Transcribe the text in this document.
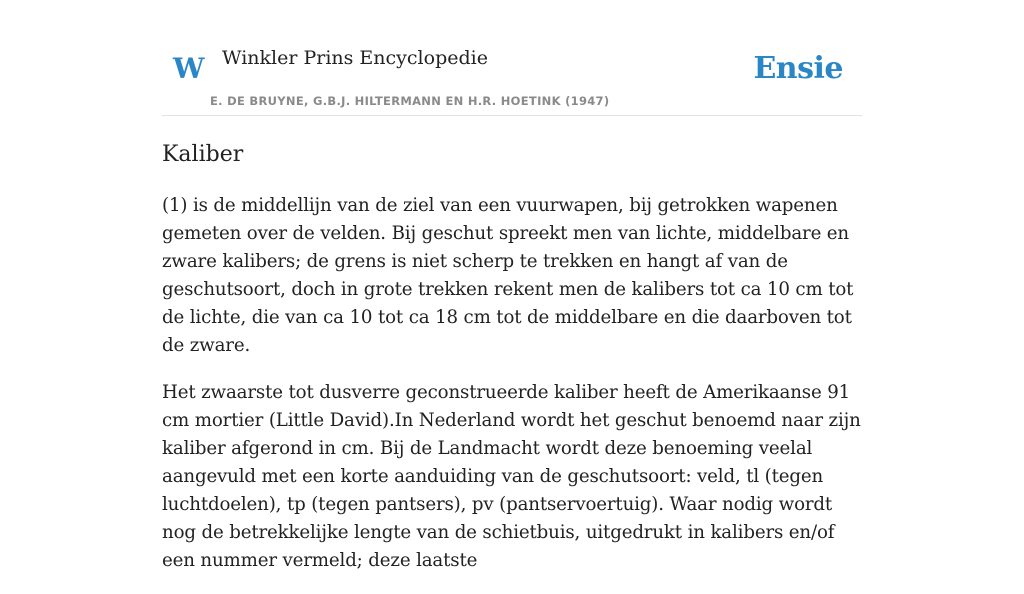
W Winkler Prins Encyclopedie
E. DE BRUYNE, G.B.J. HILTERMANN EN H.R. HOETINK (1947)
Ensie
Kaliber

(1) is de middellijn van de ziel van een vuurwapen, bij getrokken wapenen gemeten over de velden. Bij geschut spreekt men van lichte, middelbare en zware kalibers; de grens is niet scherp te trekken en hangt af van de geschutsoort, doch in grote trekken rekent men de kalibers tot ca 10 cm tot de lichte, die van ca 10 tot ca 18 cm tot de middelbare en die daarboven tot de zware.

Het zwaarste tot dusverre geconstrueerde kaliber heeft de Amerikaanse 91 cm mortier (Little David).In Nederland wordt het geschut benoemd naar zijn kaliber afgerond in cm. Bij de Landmacht wordt deze benoeming veelal aangevuld met een korte aanduiding van de geschutsoort: veld, tl (tegen luchtdoelen), tp (tegen pantsers), pv (pantservoertuig). Waar nodig wordt nog de betrekkelijke lengte van de schietbuis, uitgedrukt in kalibers en/of een nummer vermeld; deze laatste
